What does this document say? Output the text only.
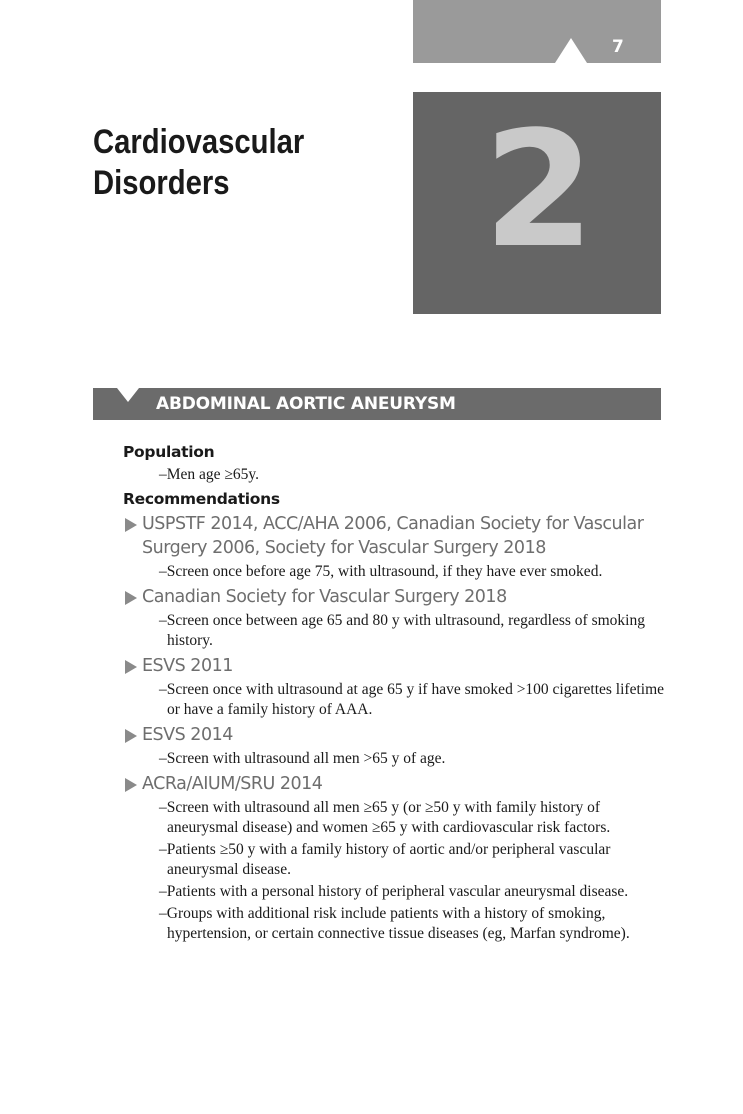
7
Cardiovascular Disorders	2
ABDOMINAL AORTIC ANEURYSM

Population

–Men age ≥65y.

Recommendations

USPSTF 2014, ACC/AHA 2006, Canadian Society for Vascular Surgery 2006, Society for Vascular Surgery 2018

–Screen once before age 75, with ultrasound, if they have ever smoked.

Canadian Society for Vascular Surgery 2018

–Screen once between age 65 and 80 y with ultrasound, regardless of smoking history.

ESVS 2011

–Screen once with ultrasound at age 65 y if have smoked >100 cigarettes lifetime or have a family history of AAA.

ESVS 2014

–Screen with ultrasound all men >65 y of age.

ACRa/AIUM/SRU 2014

–Screen with ultrasound all men ≥65 y (or ≥50 y with family history of aneurysmal disease) and women ≥65 y with cardiovascular risk factors.

–Patients ≥50 y with a family history of aortic and/or peripheral vascular aneurysmal disease.

–Patients with a personal history of peripheral vascular aneurysmal disease.

–Groups with additional risk include patients with a history of smoking, hypertension, or certain connective tissue diseases (eg, Marfan syndrome).
